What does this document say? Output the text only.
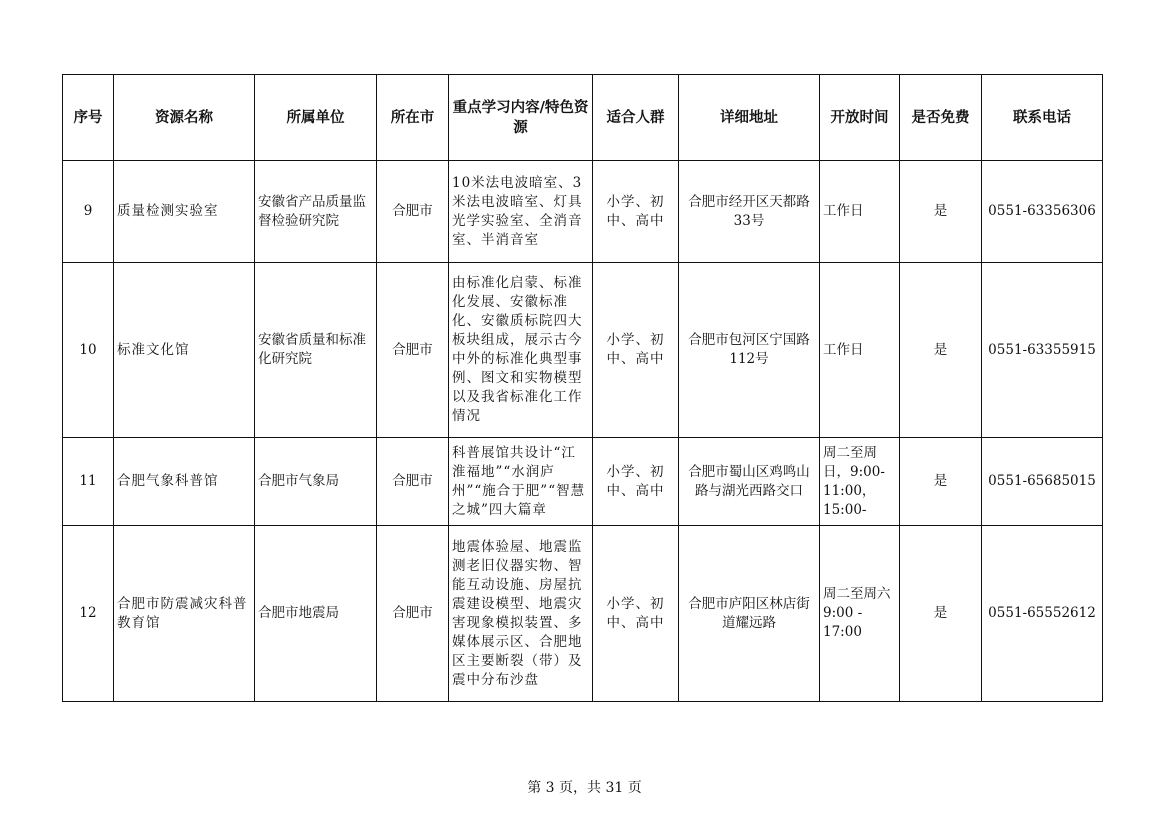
序号	资源名称	所属单位	所在市	重点学习内容/特色资源	适合人群	详细地址	开放时间	是否免费	联系电话
9	质量检测实验室	安徽省产品质量监督检验研究院	合肥市	10米法电波暗室、3米法电波暗室、灯具光学实验室、全消音室、半消音室	小学、初中、高中	合肥市经开区天都路33号	工作日	是	0551-63356306
10	标准文化馆	安徽省质量和标准化研究院	合肥市	由标准化启蒙、标准化发展、安徽标准化、安徽质标院四大板块组成，展示古今中外的标准化典型事例、图文和实物模型以及我省标准化工作情况	小学、初中、高中	合肥市包河区宁国路112号	工作日	是	0551-63355915
11	合肥气象科普馆	合肥市气象局	合肥市	科普展馆共设计“江淮福地”“水润庐州”“施合于肥”“智慧之城”四大篇章	小学、初中、高中	合肥市蜀山区鸡鸣山路与湖光西路交口	周二至周日，9:00-11:00，15:00-	是	0551-65685015
12	合肥市防震减灾科普教育馆	合肥市地震局	合肥市	地震体验屋、地震监测老旧仪器实物、智能互动设施、房屋抗震建设模型、地震灾害现象模拟装置、多媒体展示区、合肥地区主要断裂（带）及震中分布沙盘	小学、初中、高中	合肥市庐阳区林店街道耀远路	周二至周六 9:00 - 17:00	是	0551-65552612
第 3 页，共 31 页
